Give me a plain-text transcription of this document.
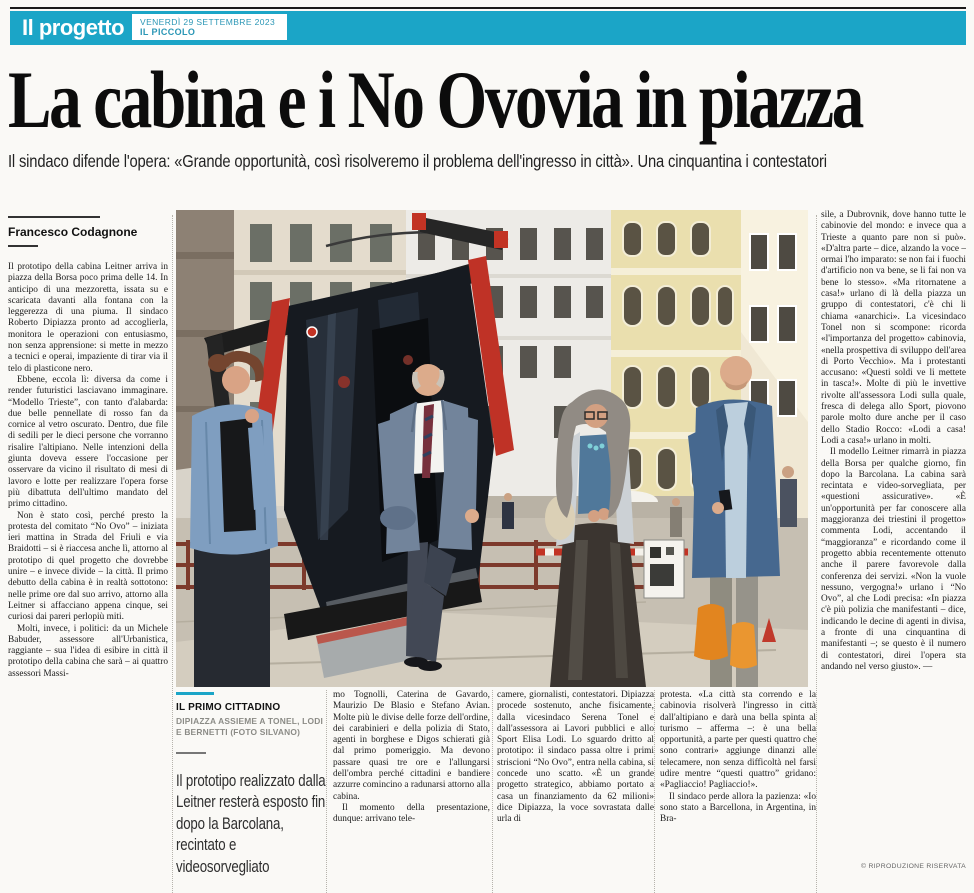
Il progetto VENERDÌ 29 SETTEMBRE 2023
IL PICCOLO
La cabina e i No Ovovia in piazza
Il sindaco difende l'opera: «Grande opportunità, così risolveremo il problema dell'ingresso in città». Una cinquantina i contestatori
Francesco Codagnone

Il prototipo della cabina Leitner arriva in piazza della Borsa poco prima delle 14. In anticipo di una mezzoretta, issata su e scaricata davanti alla fontana con la leggerezza di una piuma. Il sindaco Roberto Dipiazza pronto ad accoglierla, monitora le operazioni con entusiasmo, non senza apprensione: si mette in mezzo a tecnici e operai, impaziente di tirar via il telo di plasticone nero.

Ebbene, eccola lì: diversa da come i render futuristici lasciavano immaginare. “Modello Trieste”, con tanto d'alabarda: due belle pennellate di rosso fan da cornice al vetro oscurato. Dentro, due file di sedili per le dieci persone che vorranno risalire l'altipiano. Nelle intenzioni della giunta doveva essere l'occasione per osservare da vicino il risultato di mesi di lavoro e lotte per realizzare l'opera forse più dibattuta dell'ultimo mandato del primo cittadino.

Non è stato così, perché presto la protesta del comitato “No Ovo” – iniziata ieri mattina in Strada del Friuli e via Braidotti – si è riaccesa anche lì, attorno al prototipo di quel progetto che dovrebbe unire – e invece divide – la città. Il primo debutto della cabina è in realtà sottotono: nelle prime ore dal suo arrivo, attorno alla Leitner si affacciano appena cinque, sei curiosi dai pareri perlopiù miti.

Molti, invece, i politici: da un Michele Babuder, assessore all'Urbanistica, raggiante – sua l'idea di esibire in città il prototipo della cabina che sarà – ai quattro assessori Massi-

IL PRIMO CITTADINO
DIPIAZZA ASSIEME A TONEL, LODI E BERNETTI (FOTO SILVANO)
Il prototipo realizzato dalla Leitner resterà esposto fin dopo la Barcolana, recintato e videosorvegliato

mo Tognolli, Caterina de Gavardo, Maurizio De Blasio e Stefano Avian. Molte più le divise delle forze dell'ordine, dei carabinieri e della polizia di Stato, agenti in borghese e Digos schierati già dal primo pomeriggio. Ma devono passare quasi tre ore e l'allungarsi dell'ombra perché cittadini e bandiere azzurre comincino a radunarsi attorno alla cabina.

Il momento della presentazione, dunque: arrivano tele-

camere, giornalisti, contestatori. Dipiazza procede sostenuto, anche fisicamente, dalla vicesindaco Serena Tonel e dall'assessora ai Lavori pubblici e allo Sport Elisa Lodi. Lo sguardo dritto al prototipo: il sindaco passa oltre i primi striscioni “No Ovo”, entra nella cabina, si concede uno scatto. «È un grande progetto strategico, abbiamo portato a casa un finanziamento da 62 milioni» dice Dipiazza, la voce sovrastata dalle urla di

protesta. «La città sta correndo e la cabinovia risolverà l'ingresso in città dall'altipiano e darà una bella spinta al turismo – afferma –: è una bella opportunità, a parte per questi quattro che sono contrari» aggiunge dinanzi alle telecamere, non senza difficoltà nel farsi udire mentre “questi quattro” gridano: «Pagliaccio! Pagliaccio!».

Il sindaco perde allora la pazienza: «Io sono stato a Barcellona, in Argentina, in Bra-

sile, a Dubrovnik, dove hanno tutte le cabinovie del mondo: e invece qua a Trieste a quanto pare non si può». «D'altra parte – dice, alzando la voce – ormai l'ho imparato: se non fai i fuochi d'artificio non va bene, se li fai non va bene lo stesso». «Ma ritornatene a casa!» urlano di là della piazza un gruppo di contestatori, c'è chi li chiama «anarchici». La vicesindaco Tonel non si scompone: ricorda «l'importanza del progetto» cabinovia, «nella prospettiva di sviluppo dell'area di Porto Vecchio». Ma i protestanti accusano: «Questi soldi ve li mettete in tasca!». Molte di più le invettive rivolte all'assessora Lodi sulla quale, fresca di delega allo Sport, piovono parole molto dure anche per il caso dello Stadio Rocco: «Lodi a casa! Lodi a casa!» urlano in molti.

Il modello Leitner rimarrà in piazza della Borsa per qualche giorno, fin dopo la Barcolana. La cabina sarà recintata e video-sorvegliata, per «questioni assicurative». «È un'opportunità per far conoscere alla maggioranza dei triestini il progetto» commenta Lodi, accentando il “maggioranza” e ricordando come il progetto abbia recentemente ottenuto anche il parere favorevole dalla conferenza dei servizi. «Non la vuole nessuno, vergogna!» urlano i “No Ovo”, al che Lodi precisa: «In piazza c'è più polizia che manifestanti – dice, indicando le decine di agenti in divisa, a fronte di una cinquantina di manifestanti –; se questo è il numero di contestatori, direi l'opera sta andando nel verso giusto». —

© RIPRODUZIONE RISERVATA
